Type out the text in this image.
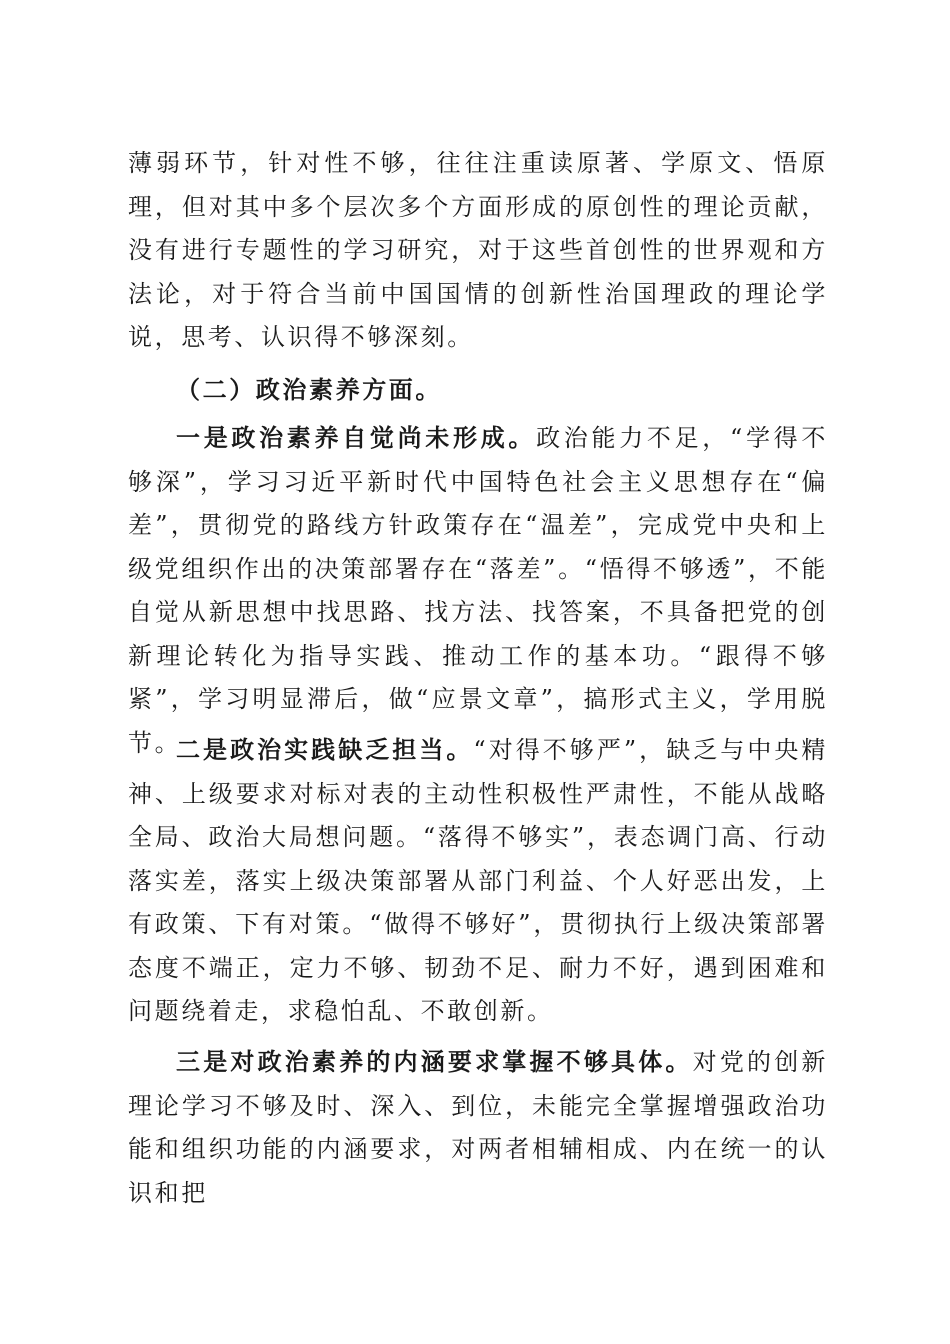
薄弱环节，针对性不够，往往注重读原著、学原文、悟原理，但对其中多个层次多个方面形成的原创性的理论贡献，没有进行专题性的学习研究，对于这些首创性的世界观和方法论，对于符合当前中国国情的创新性治国理政的理论学说，思考、认识得不够深刻。
（二）政治素养方面。
一是政治素养自觉尚未形成。政治能力不足，“学得不够深”，学习习近平新时代中国特色社会主义思想存在“偏差”，贯彻党的路线方针政策存在“温差”，完成党中央和上级党组织作出的决策部署存在“落差”。“悟得不够透”，不能自觉从新思想中找思路、找方法、找答案，不具备把党的创新理论转化为指导实践、推动工作的基本功。“跟得不够紧”，学习明显滞后，做“应景文章”，搞形式主义，学用脱节。
二是政治实践缺乏担当。“对得不够严”，缺乏与中央精神、上级要求对标对表的主动性积极性严肃性，不能从战略全局、政治大局想问题。“落得不够实”，表态调门高、行动落实差，落实上级决策部署从部门利益、个人好恶出发，上有政策、下有对策。“做得不够好”，贯彻执行上级决策部署态度不端正，定力不够、韧劲不足、耐力不好，遇到困难和问题绕着走，求稳怕乱、不敢创新。
三是对政治素养的内涵要求掌握不够具体。对党的创新理论学习不够及时、深入、到位，未能完全掌握增强政治功能和组织功能的内涵要求，对两者相辅相成、内在统一的认识和把
